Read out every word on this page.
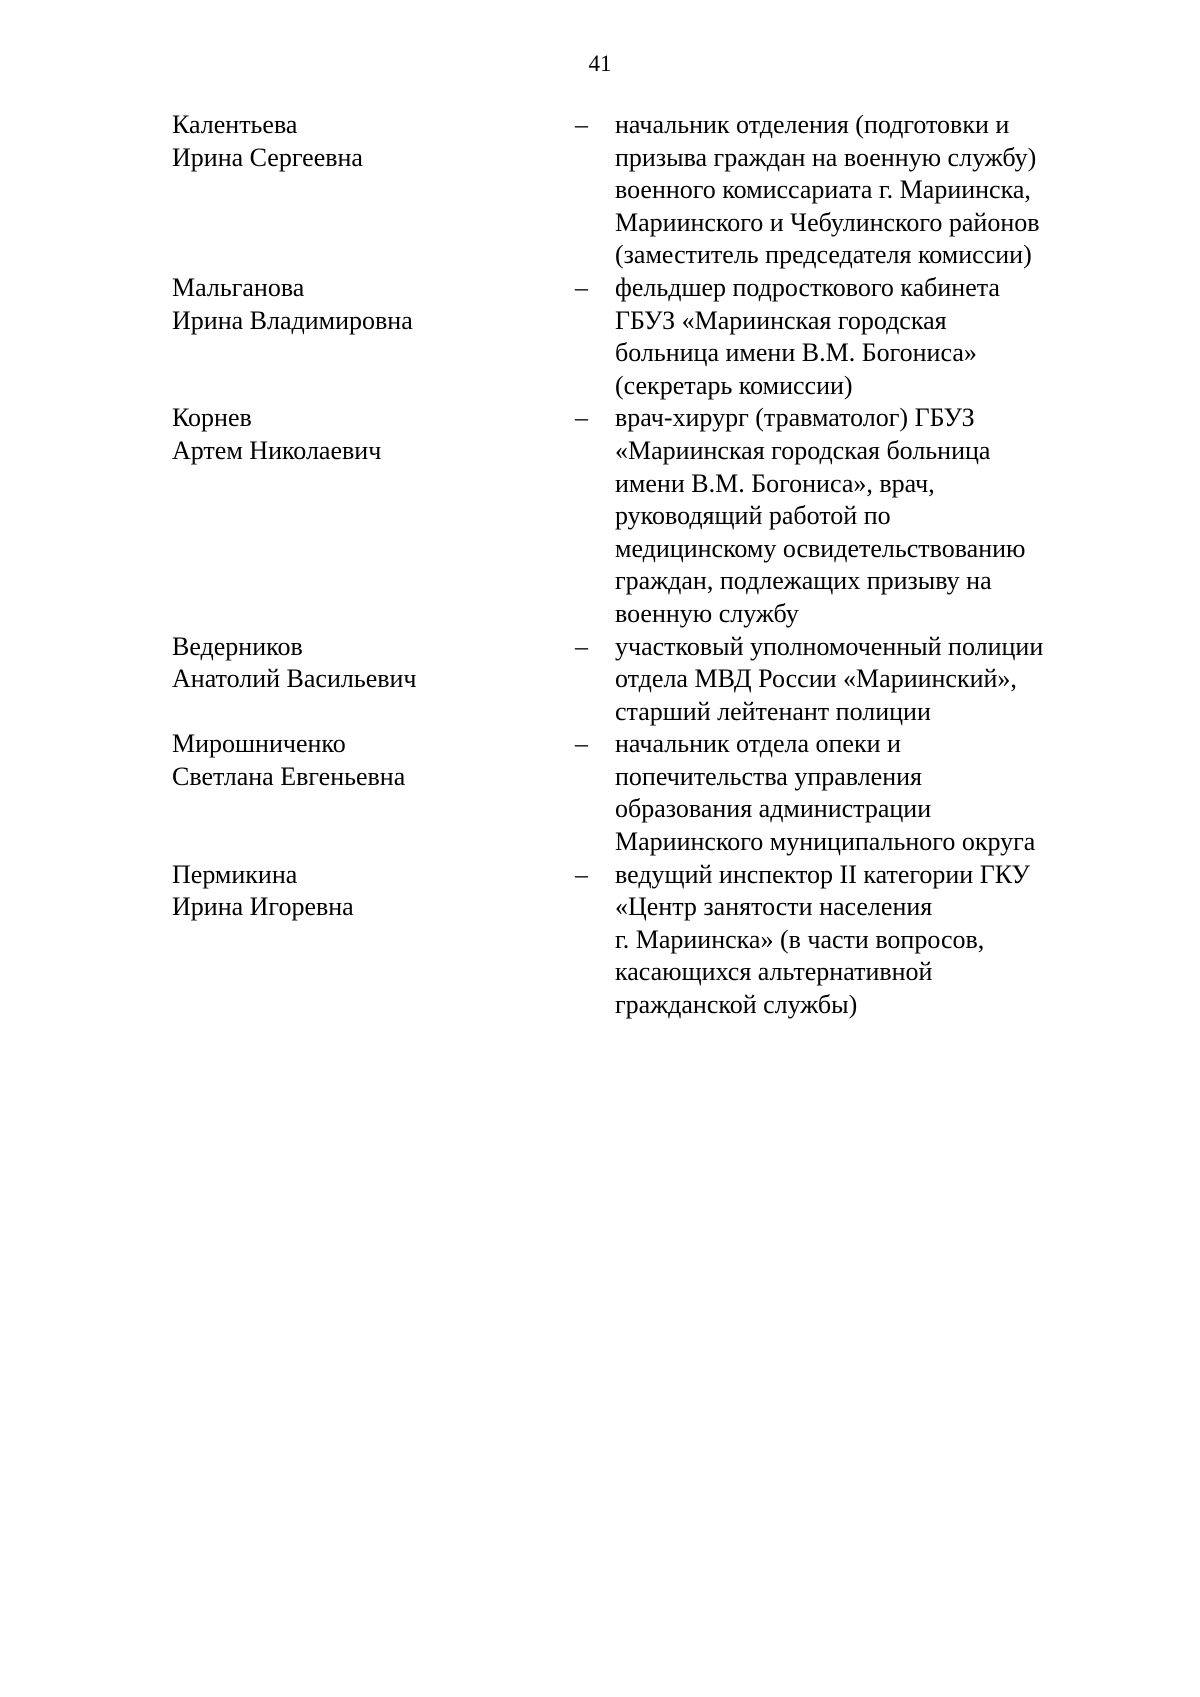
41
Калентьева
Ирина Сергеевна
– начальник отделения (подготовки и
призыва граждан на военную службу)
военного комиссариата г. Мариинска,
Мариинского и Чебулинского районов
(заместитель председателя комиссии)
Мальганова
Ирина Владимировна
– фельдшер подросткового кабинета
ГБУЗ «Мариинская городская
больница имени В.М. Богониса»
(секретарь комиссии)
Корнев
Артем Николаевич
– врач-хирург (травматолог) ГБУЗ
«Мариинская городская больница
имени В.М. Богониса», врач,
руководящий работой по
медицинскому освидетельствованию
граждан, подлежащих призыву на
военную службу
Ведерников
Анатолий Васильевич
– участковый уполномоченный полиции
отдела МВД России «Мариинский»,
старший лейтенант полиции
Мирошниченко
Светлана Евгеньевна
– начальник отдела опеки и
попечительства управления
образования администрации
Мариинского муниципального округа
Пермикина
Ирина Игоревна
– ведущий инспектор II категории ГКУ
«Центр занятости населения
г. Мариинска» (в части вопросов,
касающихся альтернативной
гражданской службы)
